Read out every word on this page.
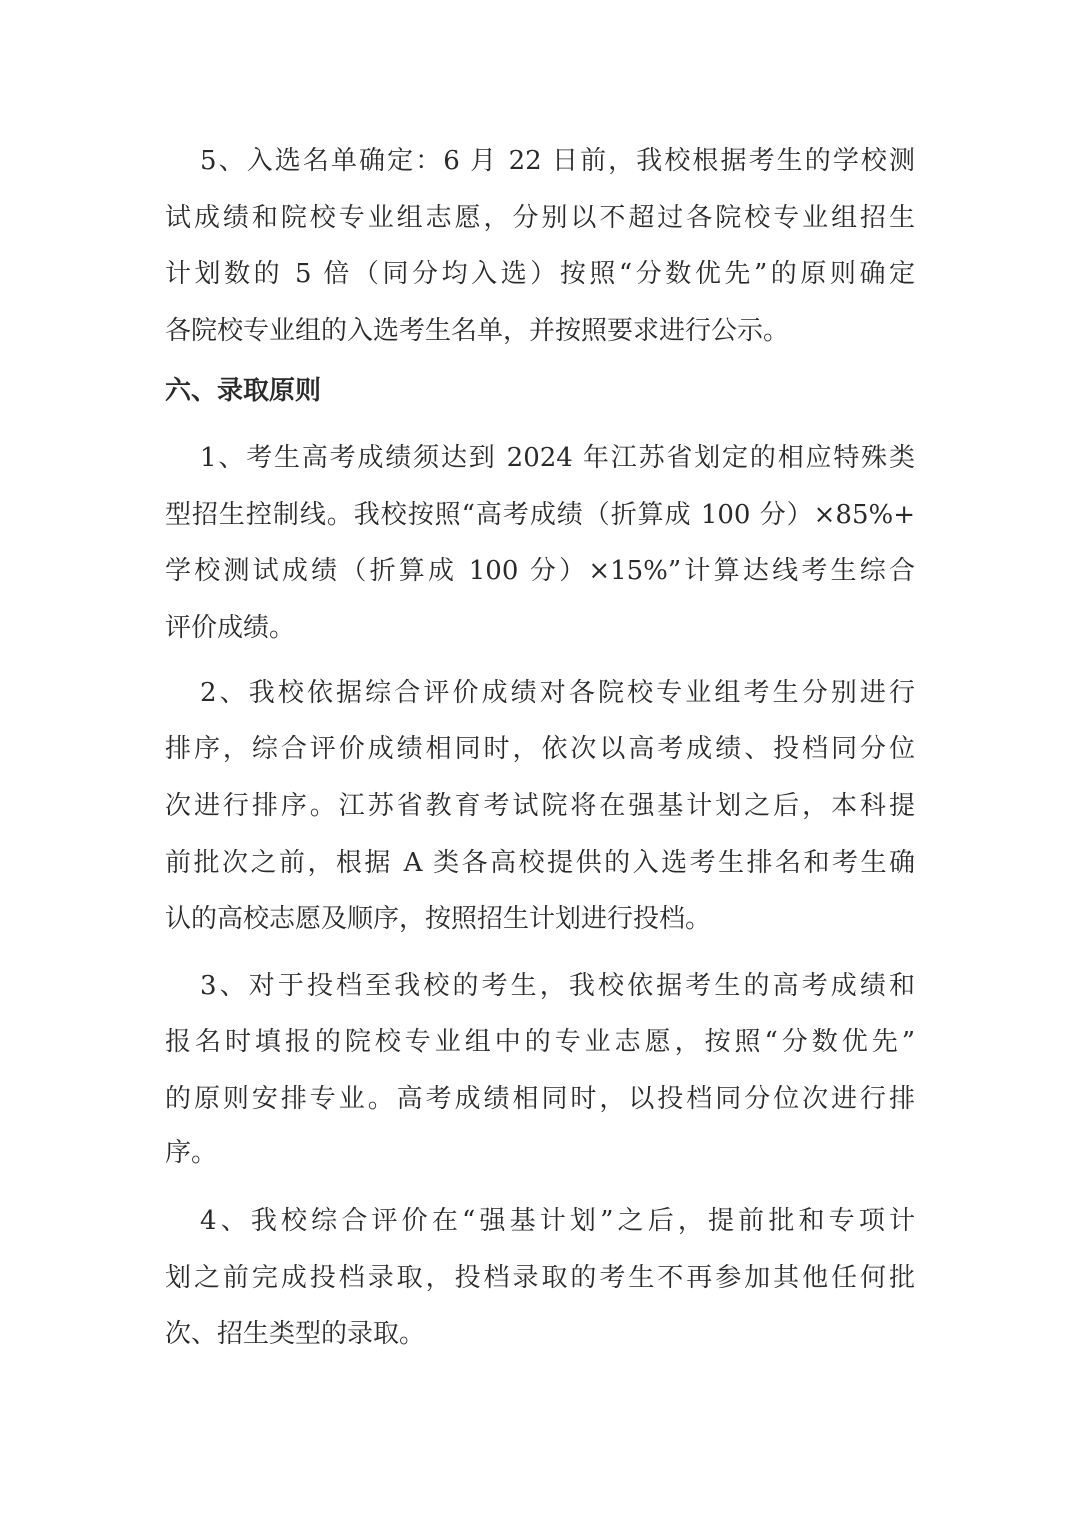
5、入选名单确定：6 月 22 日前，我校根据考生的学校测
试成绩和院校专业组志愿，分别以不超过各院校专业组招生
计划数的 5 倍（同分均入选）按照“分数优先”的原则确定
各院校专业组的入选考生名单，并按照要求进行公示。
六、录取原则
1、考生高考成绩须达到 2024 年江苏省划定的相应特殊类
型招生控制线。我校按照“高考成绩（折算成 100 分）×85%+
学校测试成绩（折算成 100 分）×15%”计算达线考生综合
评价成绩。
2、我校依据综合评价成绩对各院校专业组考生分别进行
排序，综合评价成绩相同时，依次以高考成绩、投档同分位
次进行排序。江苏省教育考试院将在强基计划之后，本科提
前批次之前，根据 A 类各高校提供的入选考生排名和考生确
认的高校志愿及顺序，按照招生计划进行投档。
3、对于投档至我校的考生，我校依据考生的高考成绩和
报名时填报的院校专业组中的专业志愿，按照“分数优先”
的原则安排专业。高考成绩相同时，以投档同分位次进行排
序。
4、我校综合评价在“强基计划”之后，提前批和专项计
划之前完成投档录取，投档录取的考生不再参加其他任何批
次、招生类型的录取。
